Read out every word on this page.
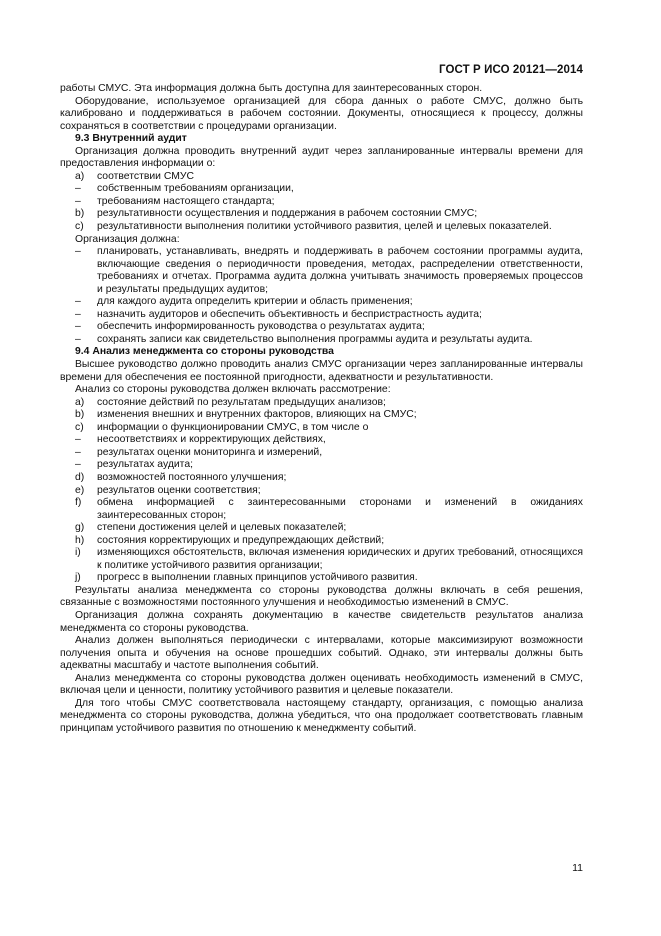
ГОСТ Р ИСО 20121—2014
работы СМУС. Эта информация должна быть доступна для заинтересованных сторон.
Оборудование, используемое организацией для сбора данных о работе СМУС, должно быть калибровано и поддерживаться в рабочем состоянии. Документы, относящиеся к процессу, должны сохраняться в соответствии с процедурами организации.
9.3 Внутренний аудит
Организация должна проводить внутренний аудит через запланированные интервалы времени для предоставления информации о:
a)	соответствии СМУС
–	собственным требованиям организации,
–	требованиям настоящего стандарта;
b)	результативности осуществления и поддержания в рабочем состоянии СМУС;
c)	результативности выполнения политики устойчивого развития, целей и целевых показателей.
Организация должна:
–	планировать, устанавливать, внедрять и поддерживать в рабочем состоянии программы аудита, включающие сведения о периодичности проведения, методах, распределении ответственности, требованиях и отчетах. Программа аудита должна учитывать значимость проверяемых процессов и результаты предыдущих аудитов;
–	для каждого аудита определить критерии и область применения;
–	назначить аудиторов и обеспечить объективность и беспристрастность аудита;
–	обеспечить информированность руководства о результатах аудита;
–	сохранять записи как свидетельство выполнения программы аудита и результаты аудита.
9.4 Анализ менеджмента со стороны руководства
Высшее руководство должно проводить анализ СМУС организации через запланированные интервалы времени для обеспечения ее постоянной пригодности, адекватности и результативности.
Анализ со стороны руководства должен включать рассмотрение:
a)	состояние действий по результатам предыдущих анализов;
b)	изменения внешних и внутренних факторов, влияющих на СМУС;
c)	информации о функционировании СМУС, в том числе о
–	несоответствиях и корректирующих действиях,
–	результатах оценки мониторинга и измерений,
–	результатах аудита;
d)	возможностей постоянного улучшения;
e)	результатов оценки соответствия;
f)	обмена информацией с заинтересованными сторонами и изменений в ожиданиях заинтересованных сторон;
g)	степени достижения целей и целевых показателей;
h)	состояния корректирующих и предупреждающих действий;
i)	изменяющихся обстоятельств, включая изменения юридических и других требований, относящихся к политике устойчивого развития организации;
j)	прогресс в выполнении главных принципов устойчивого развития.
Результаты анализа менеджмента со стороны руководства должны включать в себя решения, связанные с возможностями постоянного улучшения и необходимостью изменений в СМУС.
Организация должна сохранять документацию в качестве свидетельств результатов анализа менеджмента со стороны руководства.
Анализ должен выполняться периодически с интервалами, которые максимизируют возможности получения опыта и обучения на основе прошедших событий. Однако, эти интервалы должны быть адекватны масштабу и частоте выполнения событий.
Анализ менеджмента со стороны руководства должен оценивать необходимость изменений в СМУС, включая цели и ценности, политику устойчивого развития и целевые показатели.
Для того чтобы СМУС соответствовала настоящему стандарту, организация, с помощью анализа менеджмента со стороны руководства, должна убедиться, что она продолжает соответствовать главным принципам устойчивого развития по отношению к менеджменту событий.
11
